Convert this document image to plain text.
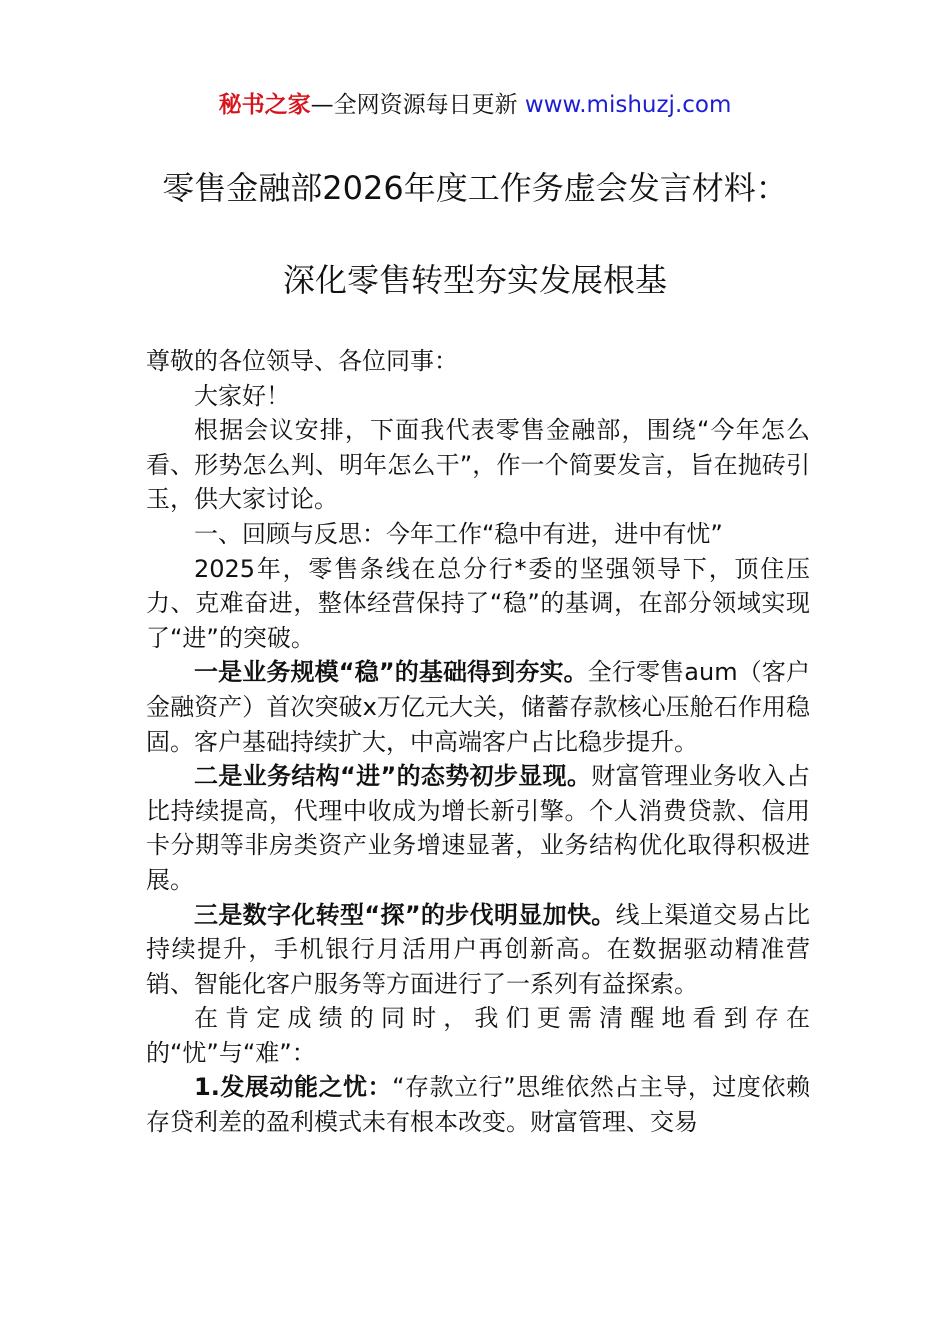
秘书之家—全网资源每日更新 www.mishuzj.com
零售金融部2026年度工作务虚会发言材料：
深化零售转型夯实发展根基

尊敬的各位领导、各位同事：

大家好！

根据会议安排，下面我代表零售金融部，围绕“今年怎么看、形势怎么判、明年怎么干”，作一个简要发言，旨在抛砖引玉，供大家讨论。

一、回顾与反思：今年工作“稳中有进，进中有忧”

2025年，零售条线在总分行*委的坚强领导下，顶住压力、克难奋进，整体经营保持了“稳”的基调，在部分领域实现了“进”的突破。

一是业务规模“稳”的基础得到夯实。全行零售aum（客户金融资产）首次突破x万亿元大关，储蓄存款核心压舱石作用稳固。客户基础持续扩大，中高端客户占比稳步提升。

二是业务结构“进”的态势初步显现。财富管理业务收入占比持续提高，代理中收成为增长新引擎。个人消费贷款、信用卡分期等非房类资产业务增速显著，业务结构优化取得积极进展。

三是数字化转型“探”的步伐明显加快。线上渠道交易占比持续提升，手机银行月活用户再创新高。在数据驱动精准营销、智能化客户服务等方面进行了一系列有益探索。

在肯定成绩的同时，我们更需清醒地看到存在的“忧”与“难”：

1.发展动能之忧：“存款立行”思维依然占主导，过度依赖存贷利差的盈利模式未有根本改变。财富管理、交易
